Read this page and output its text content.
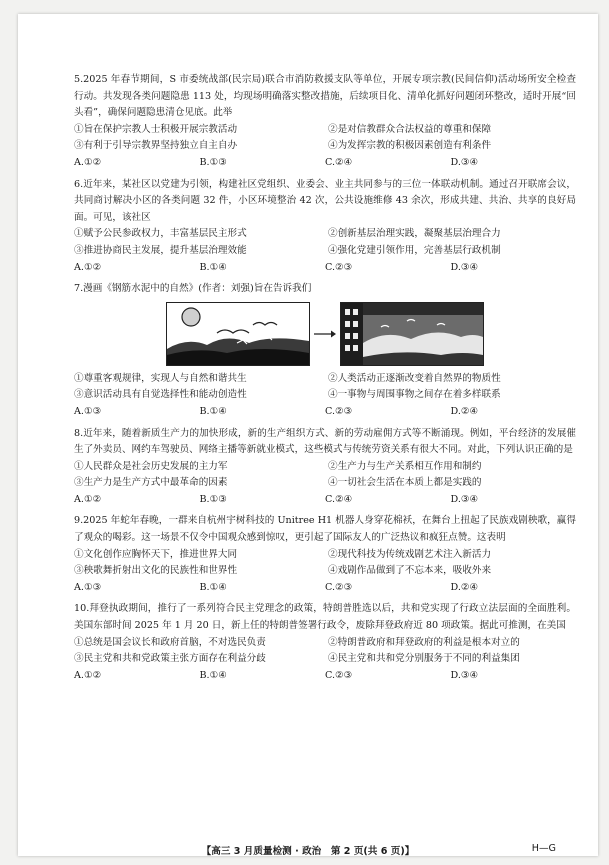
5.2025 年春节期间，S 市委统战部(民宗局)联合市消防救援支队等单位，开展专项宗教(民间信仰)活动场所安全检查行动。共发现各类问题隐患 113 处，均现场明确落实整改措施，后续项目化、清单化抓好问题闭环整改，适时开展“回头看”，确保问题隐患清仓见底。此举

①旨在保护宗教人士积极开展宗教活动	②是对信教群众合法权益的尊重和保障
③有利于引导宗教界坚持独立自主自办	④为发挥宗教的积极因素创造有利条件
A.①②	B.①③	C.②④	D.③④

6.近年来，某社区以党建为引领，构建社区党组织、业委会、业主共同参与的三位一体联动机制。通过召开联席会议，共同商讨解决小区的各类问题 32 件，小区环境整治 42 次，公共设施维修 43 余次，形成共建、共治、共享的良好局面。可见，该社区

①赋予公民参政权力，丰富基层民主形式	②创新基层治理实践，凝聚基层治理合力
③推进协商民主发展，提升基层治理效能	④强化党建引领作用，完善基层行政机制
A.①②	B.①④	C.②③	D.③④

7.漫画《钢筋水泥中的自然》(作者：刘强)旨在告诉我们

①尊重客观规律，实现人与自然和谐共生	②人类活动正逐渐改变着自然界的物质性
③意识活动具有自觉选择性和能动创造性	④一事物与周围事物之间存在着多样联系
A.①③	B.①④	C.②③	D.②④

8.近年来，随着新质生产力的加快形成，新的生产组织方式、新的劳动雇佣方式等不断涌现。例如，平台经济的发展催生了外卖员、网约车驾驶员、网络主播等新就业模式，这些模式与传统劳资关系有很大不同。对此，下列认识正确的是

①人民群众是社会历史发展的主力军	②生产力与生产关系相互作用和制约
③生产力是生产方式中最革命的因素	④一切社会生活在本质上都是实践的
A.①②	B.①③	C.②④	D.③④

9.2025 年蛇年春晚，一群来自杭州宇树科技的 Unitree H1 机器人身穿花棉袄，在舞台上扭起了民族戏剧秧歌，赢得了观众的喝彩。这一场景不仅令中国观众感到惊叹，更引起了国际友人的广泛热议和疯狂点赞。这表明

①文化创作应胸怀天下，推进世界大同	②现代科技为传统戏剧艺术注入新活力
③秧歌舞折射出文化的民族性和世界性	④戏剧作品做到了不忘本来，吸收外来
A.①③	B.①④	C.②③	D.②④

10.拜登执政期间，推行了一系列符合民主党理念的政策，特朗普胜选以后，共和党实现了行政立法层面的全面胜利。美国东部时间 2025 年 1 月 20 日，新上任的特朗普签署行政令，废除拜登政府近 80 项政策。据此可推测，在美国

①总统是国会议长和政府首脑，不对选民负责	②特朗普政府和拜登政府的利益是根本对立的
③民主党和共和党政策主张方面存在利益分歧	④民主党和共和党分别服务于不同的利益集团
A.①②	B.①④	C.②③	D.③④
【高三 3 月质量检测 · 政治　第 2 页(共 6 页)】	H—G
